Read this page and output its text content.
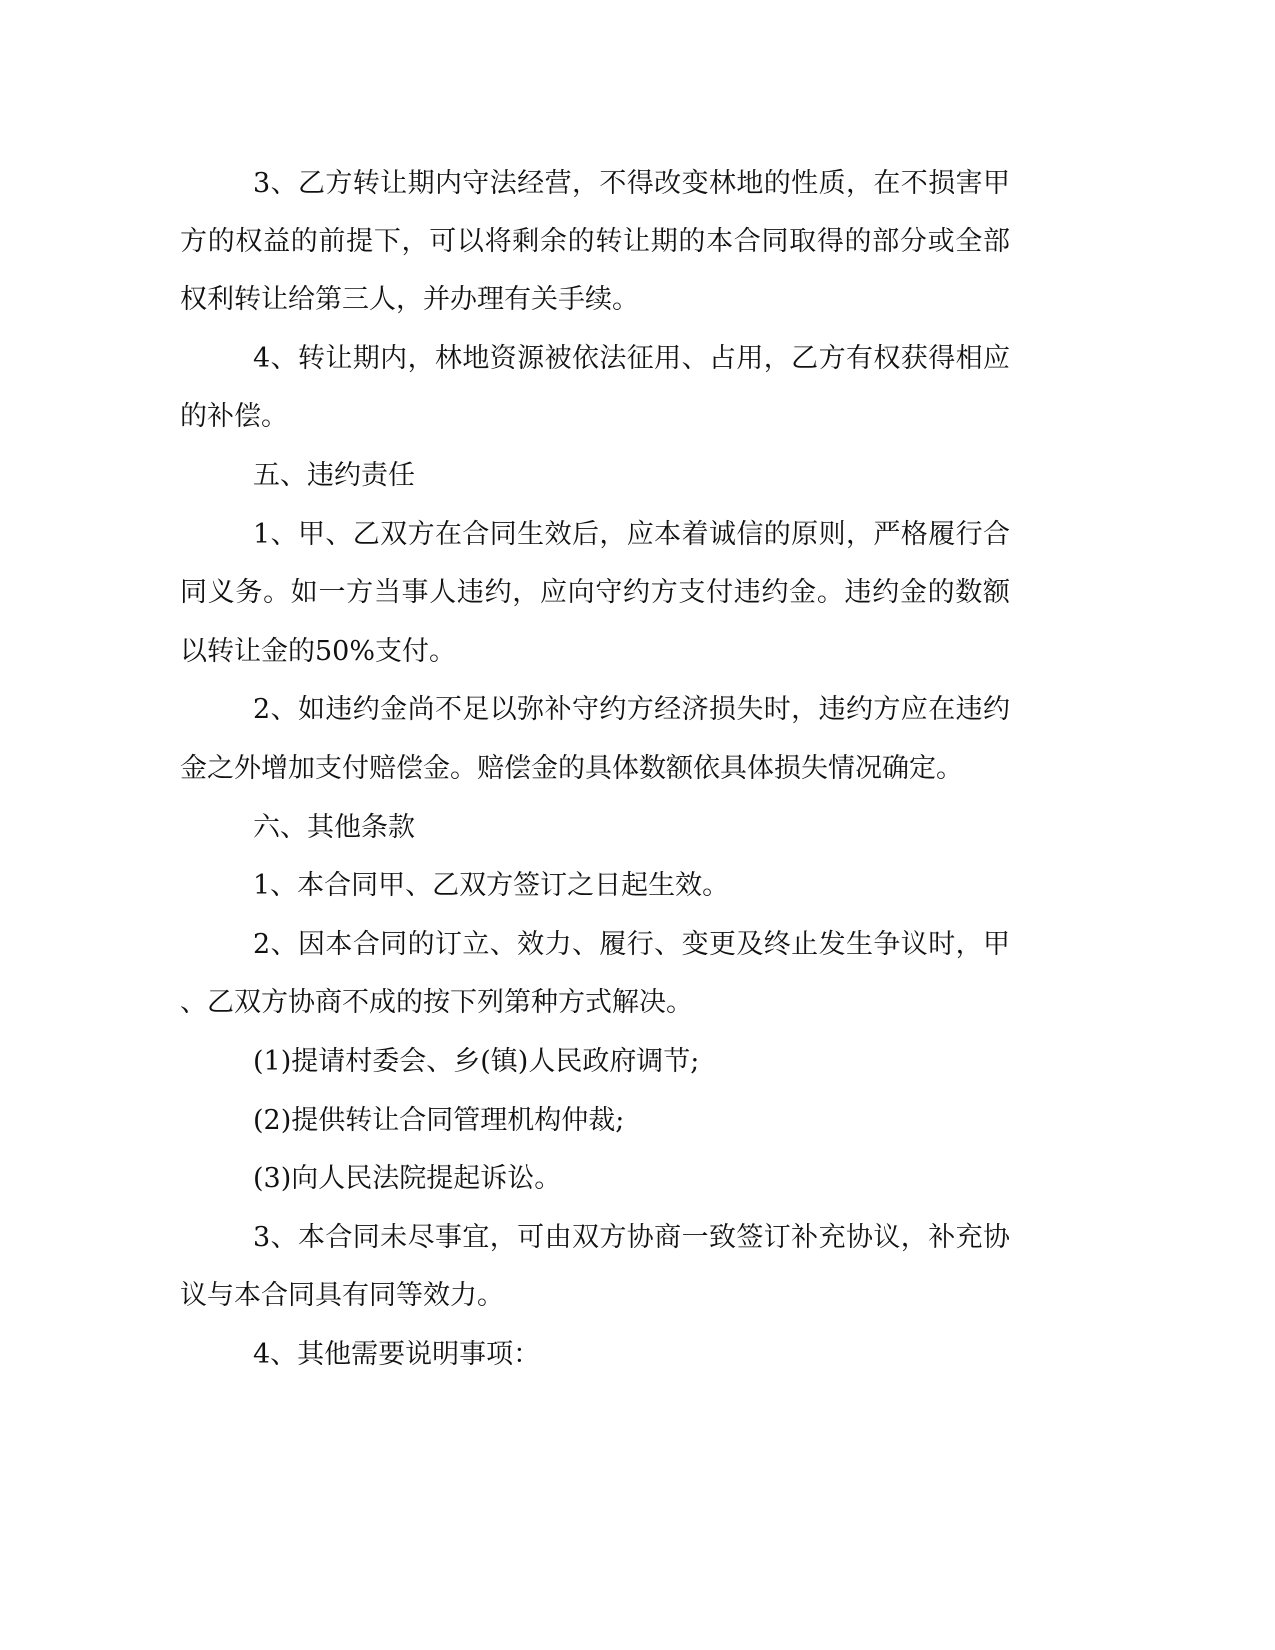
3、乙方转让期内守法经营，不得改变林地的性质，在不损害甲
方的权益的前提下，可以将剩余的转让期的本合同取得的部分或全部
权利转让给第三人，并办理有关手续。
4、转让期内，林地资源被依法征用、占用，乙方有权获得相应
的补偿。
五、违约责任
1、甲、乙双方在合同生效后，应本着诚信的原则，严格履行合
同义务。如一方当事人违约，应向守约方支付违约金。违约金的数额
以转让金的50%支付。
2、如违约金尚不足以弥补守约方经济损失时，违约方应在违约
金之外增加支付赔偿金。赔偿金的具体数额依具体损失情况确定。
六、其他条款
1、本合同甲、乙双方签订之日起生效。
2、因本合同的订立、效力、履行、变更及终止发生争议时，甲
、乙双方协商不成的按下列第种方式解决。
(1)提请村委会、乡(镇)人民政府调节;
(2)提供转让合同管理机构仲裁;
(3)向人民法院提起诉讼。
3、本合同未尽事宜，可由双方协商一致签订补充协议，补充协
议与本合同具有同等效力。
4、其他需要说明事项：
